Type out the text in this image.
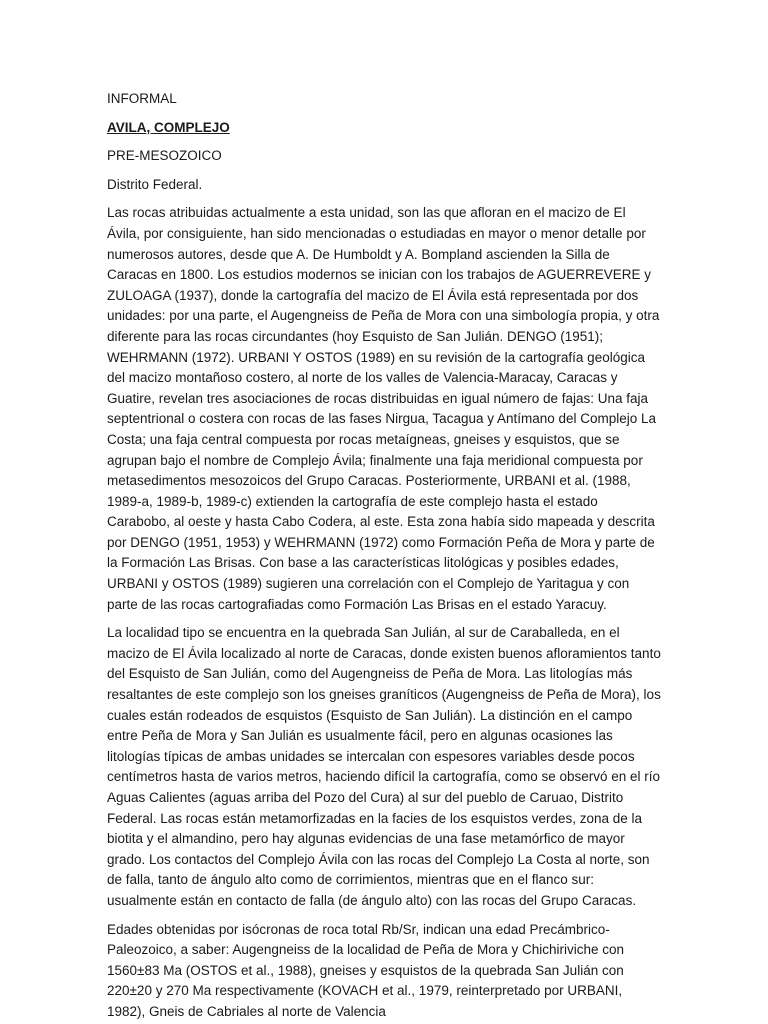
INFORMAL
AVILA, COMPLEJO
PRE-MESOZOICO
Distrito Federal.

Las rocas atribuidas actualmente a esta unidad, son las que afloran en el macizo de El Ávila, por consiguiente, han sido mencionadas o estudiadas en mayor o menor detalle por numerosos autores, desde que A. De Humboldt y A. Bompland ascienden la Silla de Caracas en 1800. Los estudios modernos se inician con los trabajos de AGUERREVERE y ZULOAGA (1937), donde la cartografía del macizo de El Ávila está representada por dos unidades: por una parte, el Augengneiss de Peña de Mora con una simbología propia, y otra diferente para las rocas circundantes (hoy Esquisto de San Julián. DENGO (1951); WEHRMANN (1972). URBANI Y OSTOS (1989) en su revisión de la cartografía geológica del macizo montañoso costero, al norte de los valles de Valencia-Maracay, Caracas y Guatire, revelan tres asociaciones de rocas distribuidas en igual número de fajas: Una faja septentrional o costera con rocas de las fases Nirgua, Tacagua y Antímano del Complejo La Costa; una faja central compuesta por rocas metaígneas, gneises y esquistos, que se agrupan bajo el nombre de Complejo Ávila; finalmente una faja meridional compuesta por metasedimentos mesozoicos del Grupo Caracas. Posteriormente, URBANI et al. (1988, 1989-a, 1989-b, 1989-c) extienden la cartografía de este complejo hasta el estado Carabobo, al oeste y hasta Cabo Codera, al este. Esta zona había sido mapeada y descrita por DENGO (1951, 1953) y WEHRMANN (1972) como Formación Peña de Mora y parte de la Formación Las Brisas. Con base a las características litológicas y posibles edades, URBANI y OSTOS (1989) sugieren una correlación con el Complejo de Yaritagua y con parte de las rocas cartografiadas como Formación Las Brisas en el estado Yaracuy.

La localidad tipo se encuentra en la quebrada San Julián, al sur de Caraballeda, en el macizo de El Ávila localizado al norte de Caracas, donde existen buenos afloramientos tanto del Esquisto de San Julián, como del Augengneiss de Peña de Mora. Las litologías más resaltantes de este complejo son los gneises graníticos (Augengneiss de Peña de Mora), los cuales están rodeados de esquistos (Esquisto de San Julián). La distinción en el campo entre Peña de Mora y San Julián es usualmente fácil, pero en algunas ocasiones las litologías típicas de ambas unidades se intercalan con espesores variables desde pocos centímetros hasta de varios metros, haciendo difícil la cartografía, como se observó en el río Aguas Calientes (aguas arriba del Pozo del Cura) al sur del pueblo de Caruao, Distrito Federal. Las rocas están metamorfizadas en la facies de los esquistos verdes, zona de la biotita y el almandino, pero hay algunas evidencias de una fase metamórfico de mayor grado. Los contactos del Complejo Ávila con las rocas del Complejo La Costa al norte, son de falla, tanto de ángulo alto como de corrimientos, mientras que en el flanco sur: usualmente están en contacto de falla (de ángulo alto) con las rocas del Grupo Caracas.

Edades obtenidas por isócronas de roca total Rb/Sr, indican una edad Precámbrico- Paleozoico, a saber: Augengneiss de la localidad de Peña de Mora y Chichiriviche con 1560±83 Ma (OSTOS et al., 1988), gneises y esquistos de la quebrada San Julián con 220±20 y 270 Ma respectivamente (KOVACH et al., 1979, reinterpretado por URBANI, 1982), Gneis de Cabriales al norte de Valencia
